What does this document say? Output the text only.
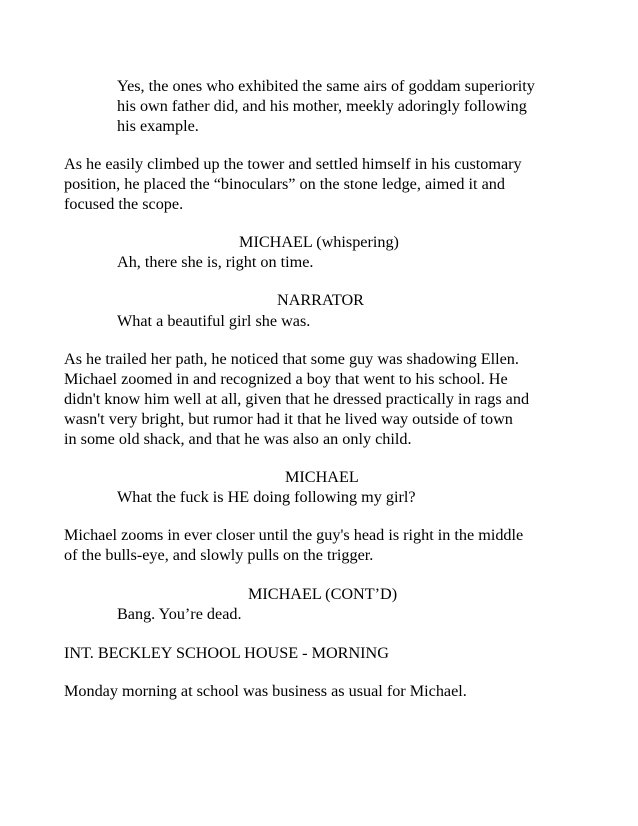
Yes, the ones who exhibited the same airs of goddam superiority
his own father did, and his mother, meekly adoringly following
his example.
As he easily climbed up the tower and settled himself in his customary
position, he placed the “binoculars” on the stone ledge, aimed it and
focused the scope.
MICHAEL (whispering)
Ah, there she is, right on time.
NARRATOR
What a beautiful girl she was.
As he trailed her path, he noticed that some guy was shadowing Ellen.
Michael zoomed in and recognized a boy that went to his school. He
didn't know him well at all, given that he dressed practically in rags and
wasn't very bright, but rumor had it that he lived way outside of town
in some old shack, and that he was also an only child.
MICHAEL
What the fuck is HE doing following my girl?
Michael zooms in ever closer until the guy's head is right in the middle
of the bulls-eye, and slowly pulls on the trigger.
MICHAEL (CONT’D)
Bang. You’re dead.
INT. BECKLEY SCHOOL HOUSE - MORNING
Monday morning at school was business as usual for Michael.
